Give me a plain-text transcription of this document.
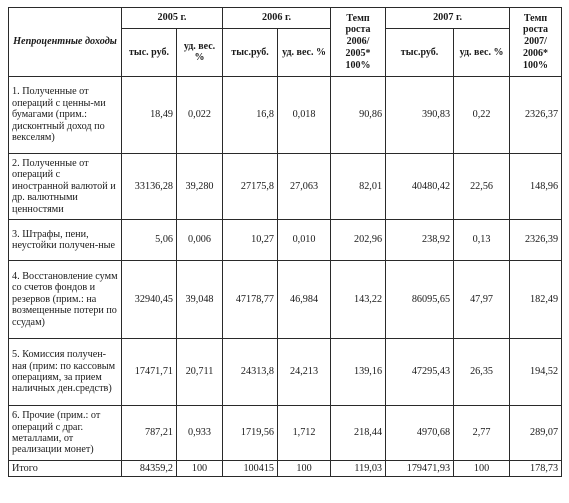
Непроцентные доходы	2005 г.		2006 г.		Темп роста 2006/ 2005* 100%	2007 г.		Темп роста 2007/ 2006* 100%
	тыс. руб.	уд. вес. %	тыс.руб.	уд. вес. %		тыс.руб.	уд. вес. %	
1. Полученные от операций с ценны-ми бумагами (прим.: дисконтный доход по векселям)	18,49	0,022	16,8	0,018	90,86	390,83	0,22	2326,37
2. Полученные от операций с иностранной валютой и др. валютными ценностями	33136,28	39,280	27175,8	27,063	82,01	40480,42	22,56	148,96
3. Штрафы, пени, неустойки получен-ные	5,06	0,006	10,27	0,010	202,96	238,92	0,13	2326,39
4. Восстановление сумм со счетов фондов и резервов (прим.: на возмещенные потери по ссудам)	32940,45	39,048	47178,77	46,984	143,22	86095,65	47,97	182,49
5. Комиссия получен-ная (прим: по кассовым операциям, за прием наличных ден.средств)	17471,71	20,711	24313,8	24,213	139,16	47295,43	26,35	194,52
6. Прочие (прим.: от операций с драг. металлами, от реализации монет)	787,21	0,933	1719,56	1,712	218,44	4970,68	2,77	289,07
Итого	84359,2	100	100415	100	119,03	179471,93	100	178,73
